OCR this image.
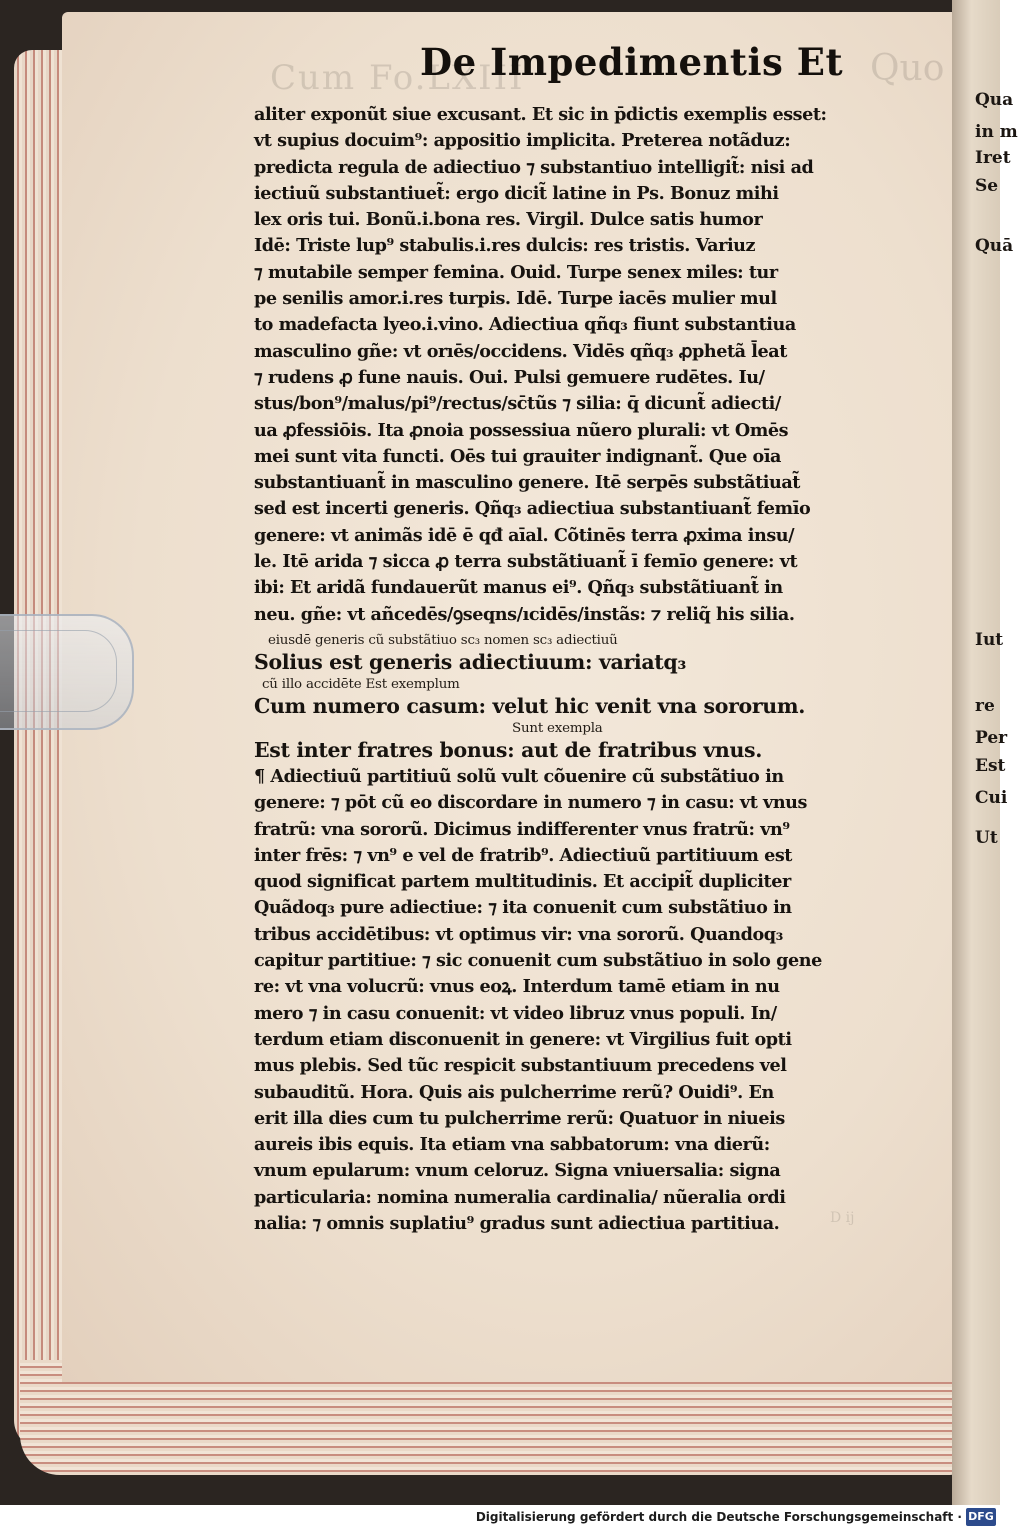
Cum Fo.LXIII	Quo
D ij
Qua
in m
Iret
Se
Quā
Iut
re
Per
Est
Cui
Ut
De Impedimentis Et
aliter exponũt siue excusant. Et sic in p̄dictis exemplis esset:
vt supius docuim⁹: appositio implicita. Preterea notãduz:
predicta regula de adiectiuo ⁊ substantiuo intelligit̃: nisi ad
iectiuũ substantiuet̃: ergo dicit̃ latine in Ps. Bonuz mihi
lex oris tui. Bonũ.i.bona res. Virgil. Dulce satis humor
Idē: Triste lup⁹ stabulis.i.res dulcis: res tristis. Variuz
⁊ mutabile semper femina. Ouid. Turpe senex miles: tur
pe senilis amor.i.res turpis. Idē. Turpe iacēs mulier mul
to madefacta lyeo.i.vino. Adiectiua qñq₃ fiunt substantiua
masculino gñe: vt orıēs/occidens. Vidēs qñq₃ ꝓphetã l̄eat
⁊ rudens ꝓ fune nauis. Oui. Pulsi gemuere rudētes. Iu/
stus/bon⁹/malus/pi⁹/rectus/sc̄tũs ⁊ silia: q̄ dicunt̃ adiecti/
ua ꝓfessiōis. Ita ꝓnoia possessiua nũero plurali: vt Omēs
mei sunt vita functi. Oēs tui grauiter indignant̃. Que oīa
substantiuant̃ in masculino genere. Itē serpēs substãtiuat̃
sed est incerti generis. Qñq₃ adiectiua substantiuant̃ femīo
genere: vt animãs idē ē qđ aīal. Cõtinēs terra ꝓxima insu/
le. Itē arida ⁊ sicca ꝓ terra substãtiuant̃ ī femīo genere: vt
ibi: Et aridã fundauerũt manus ei⁹. Qñq₃ substãtiuant̃ in
neu. gñe: vt añcedēs/ꝯseqns/ıcidēs/instãs: ⁊ reliq̃ his silia.
eiusdē generis cũ substãtiuo sc₃ nomen sc₃ adiectiuũ
Solius est generis adiectiuum: variatq₃
cũ illo accidēte Est exemplum
Cum numero casum: velut hic venit vna sororum.
Sunt exempla
Est inter fratres bonus: aut de fratribus vnus.
¶ Adiectiuũ partitiuũ solũ vult cõuenire cũ substãtiuo in
genere: ⁊ pōt cũ eo discordare in numero ⁊ in casu: vt vnus
fratrũ: vna sororũ. Dicimus indifferenter vnus fratrũ: vn⁹
inter frēs: ⁊ vn⁹ e vel de fratrib⁹. Adiectiuũ partitiuum est
quod significat partem multitudinis. Et accipit̃ dupliciter
Quãdoq₃ pure adiectiue: ⁊ ita conuenit cum substãtiuo in
tribus accidētibus: vt optimus vir: vna sororũ. Quandoq₃
capitur partitiue: ⁊ sic conuenit cum substãtiuo in solo gene
re: vt vna volucrũ: vnus eoꝝ. Interdum tamē etiam in nu
mero ⁊ in casu conuenit: vt video libruz vnus populi. In/
terdum etiam disconuenit in genere: vt Virgilius fuit opti
mus plebis. Sed tũc respicit substantiuum precedens vel
subauditũ. Hora. Quis ais pulcherrime rerũ? Ouidi⁹. En
erit illa dies cum tu pulcherrime rerũ: Quatuor in niueis
aureis ibis equis. Ita etiam vna sabbatorum: vna dierũ:
vnum epularum: vnum celoruz. Signa vniuersalia: signa
particularia: nomina numeralia cardinalia/ nũeralia ordi
nalia: ⁊ omnis suplatiu⁹ gradus sunt adiectiua partitiua.
Digitalisierung gefördert durch die Deutsche Forschungsgemeinschaft · DFG
